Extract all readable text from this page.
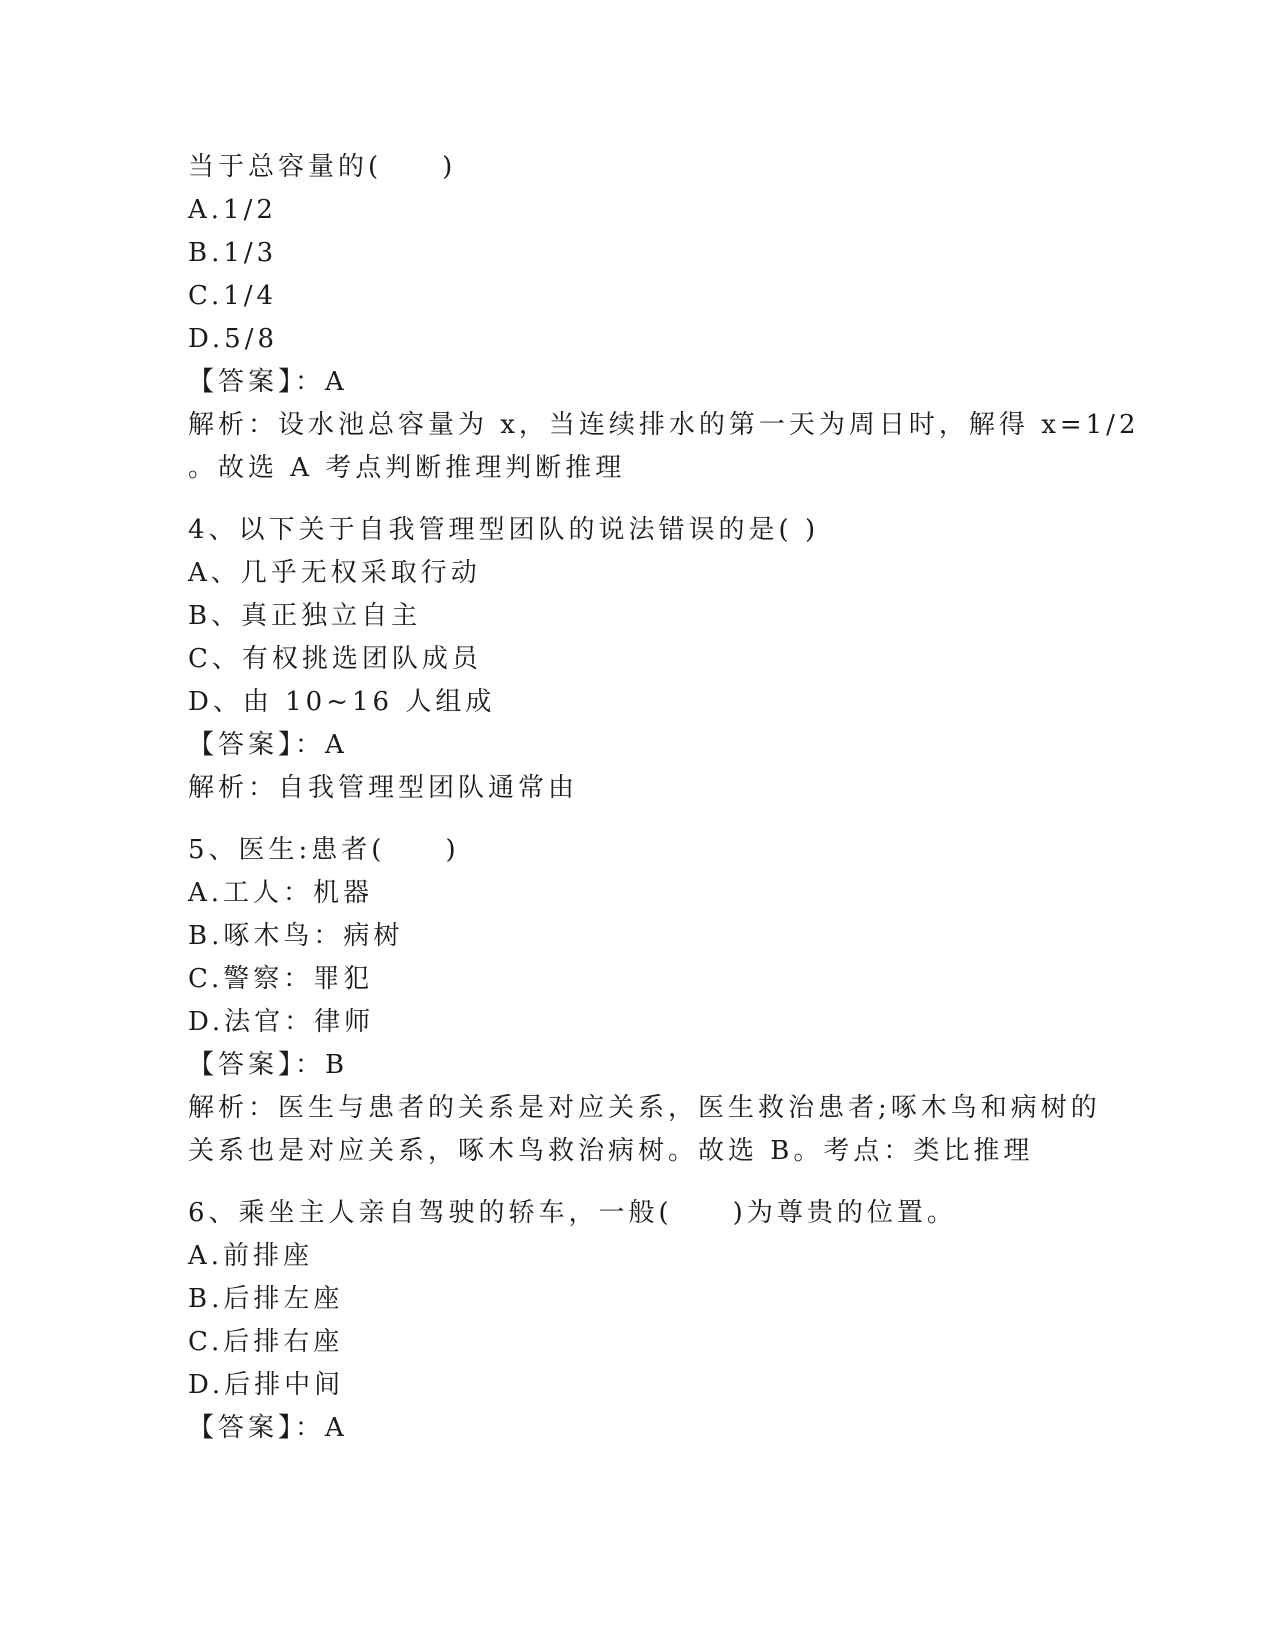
当于总容量的(　　)
A.1/2
B.1/3
C.1/4
D.5/8
【答案】：A
解析：设水池总容量为 x，当连续排水的第一天为周日时，解得 x=1/2
。故选 A 考点判断推理判断推理
4、以下关于自我管理型团队的说法错误的是( )
A、几乎无权采取行动
B、真正独立自主
C、有权挑选团队成员
D、由 10~16 人组成
【答案】：A
解析：自我管理型团队通常由
5、医生:患者(　　)
A.工人：机器
B.啄木鸟：病树
C.警察：罪犯
D.法官：律师
【答案】：B
解析：医生与患者的关系是对应关系，医生救治患者;啄木鸟和病树的
关系也是对应关系，啄木鸟救治病树。故选 B。考点：类比推理
6、乘坐主人亲自驾驶的轿车，一般(　　)为尊贵的位置。
A.前排座
B.后排左座
C.后排右座
D.后排中间
【答案】：A
